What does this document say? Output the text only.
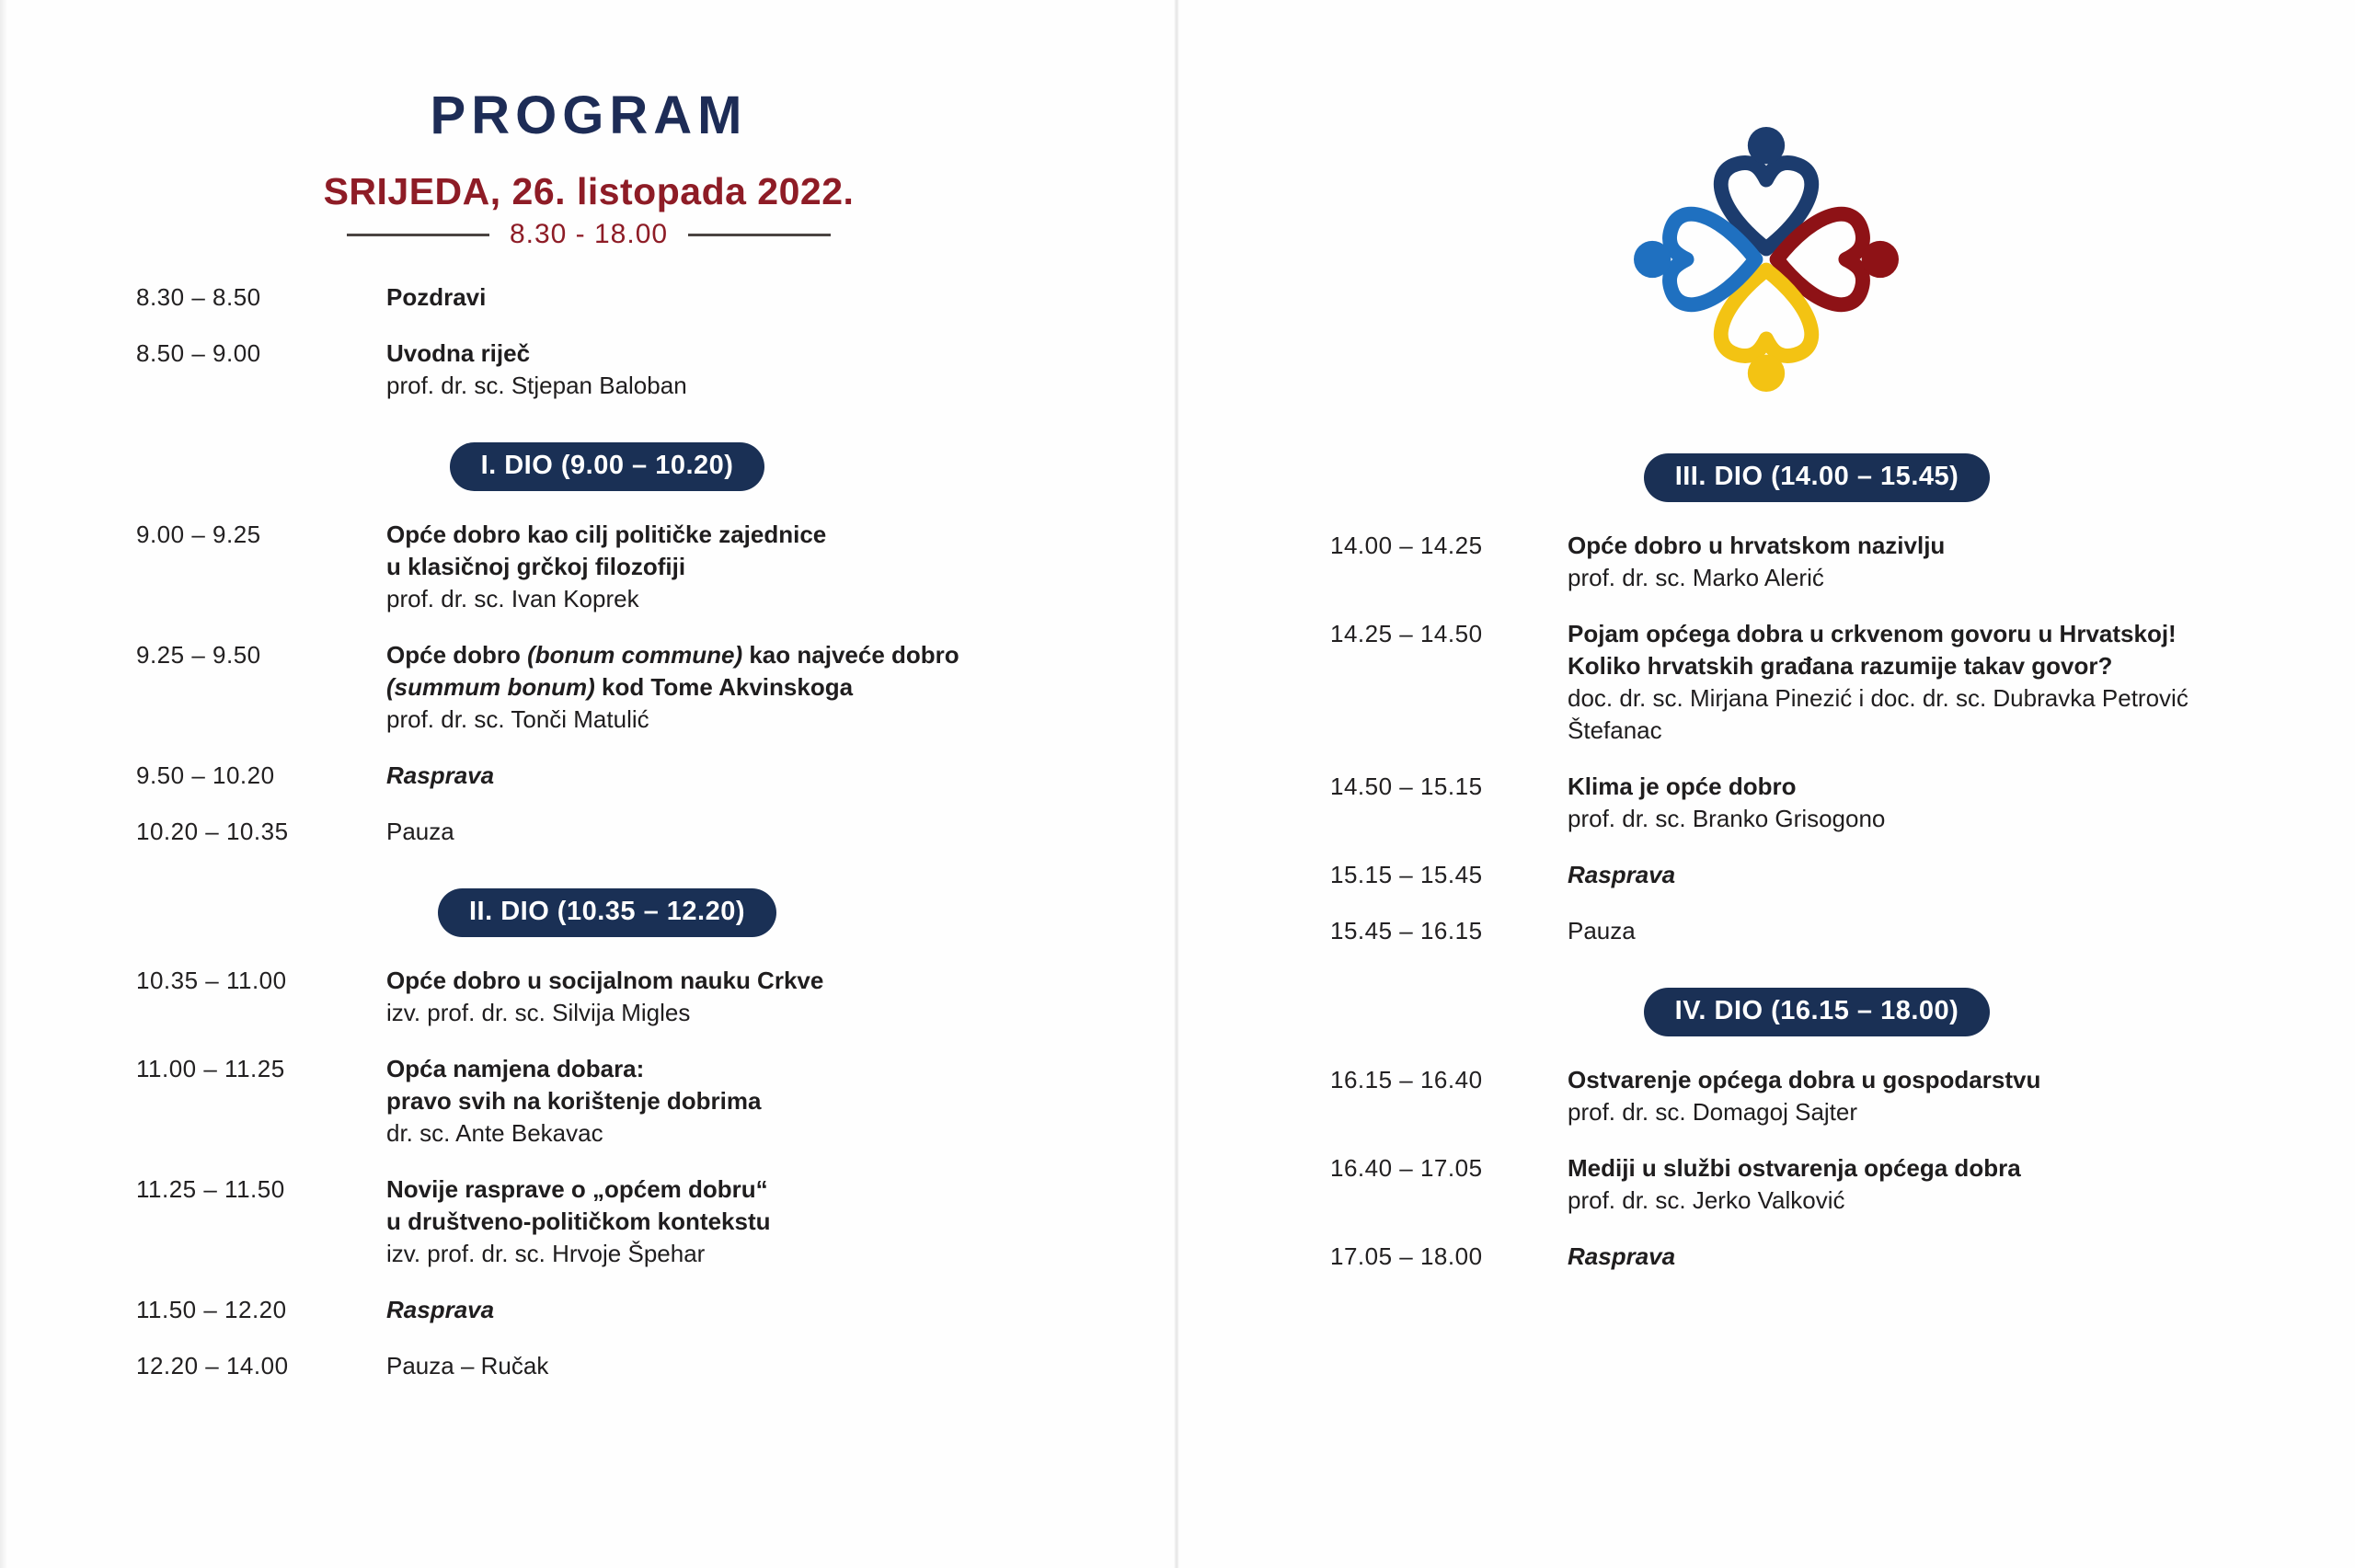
PROGRAM
SRIJEDA, 26. listopada 2022.
8.30 - 18.00
8.30 – 8.50	Pozdravi
8.50 – 9.00	Uvodna riječ
prof. dr. sc. Stjepan Baloban
I. DIO (9.00 – 10.20)
9.00 – 9.25	Opće dobro kao cilj političke zajednice
u klasičnoj grčkoj filozofiji
prof. dr. sc. Ivan Koprek
9.25 – 9.50	Opće dobro (bonum commune) kao najveće dobro
(summum bonum) kod Tome Akvinskoga
prof. dr. sc. Tonči Matulić
9.50 – 10.20	Rasprava
10.20 – 10.35	Pauza
II. DIO (10.35 – 12.20)
10.35 – 11.00	Opće dobro u socijalnom nauku Crkve
izv. prof. dr. sc. Silvija Migles
11.00 – 11.25	Opća namjena dobara:
pravo svih na korištenje dobrima
dr. sc. Ante Bekavac
11.25 – 11.50	Novije rasprave o „općem dobru“
u društveno-političkom kontekstu
izv. prof. dr. sc. Hrvoje Špehar
11.50 – 12.20	Rasprava
12.20 – 14.00	Pauza – Ručak
III. DIO (14.00 – 15.45)
14.00 – 14.25	Opće dobro u hrvatskom nazivlju
prof. dr. sc. Marko Alerić
14.25 – 14.50	Pojam općega dobra u crkvenom govoru u Hrvatskoj!
Koliko hrvatskih građana razumije takav govor?
doc. dr. sc. Mirjana Pinezić i doc. dr. sc. Dubravka Petrović
Štefanac
14.50 – 15.15	Klima je opće dobro
prof. dr. sc. Branko Grisogono
15.15 – 15.45	Rasprava
15.45 – 16.15	Pauza
IV. DIO (16.15 – 18.00)
16.15 – 16.40	Ostvarenje općega dobra u gospodarstvu
prof. dr. sc. Domagoj Sajter
16.40 – 17.05	Mediji u službi ostvarenja općega dobra
prof. dr. sc. Jerko Valković
17.05 – 18.00	Rasprava
